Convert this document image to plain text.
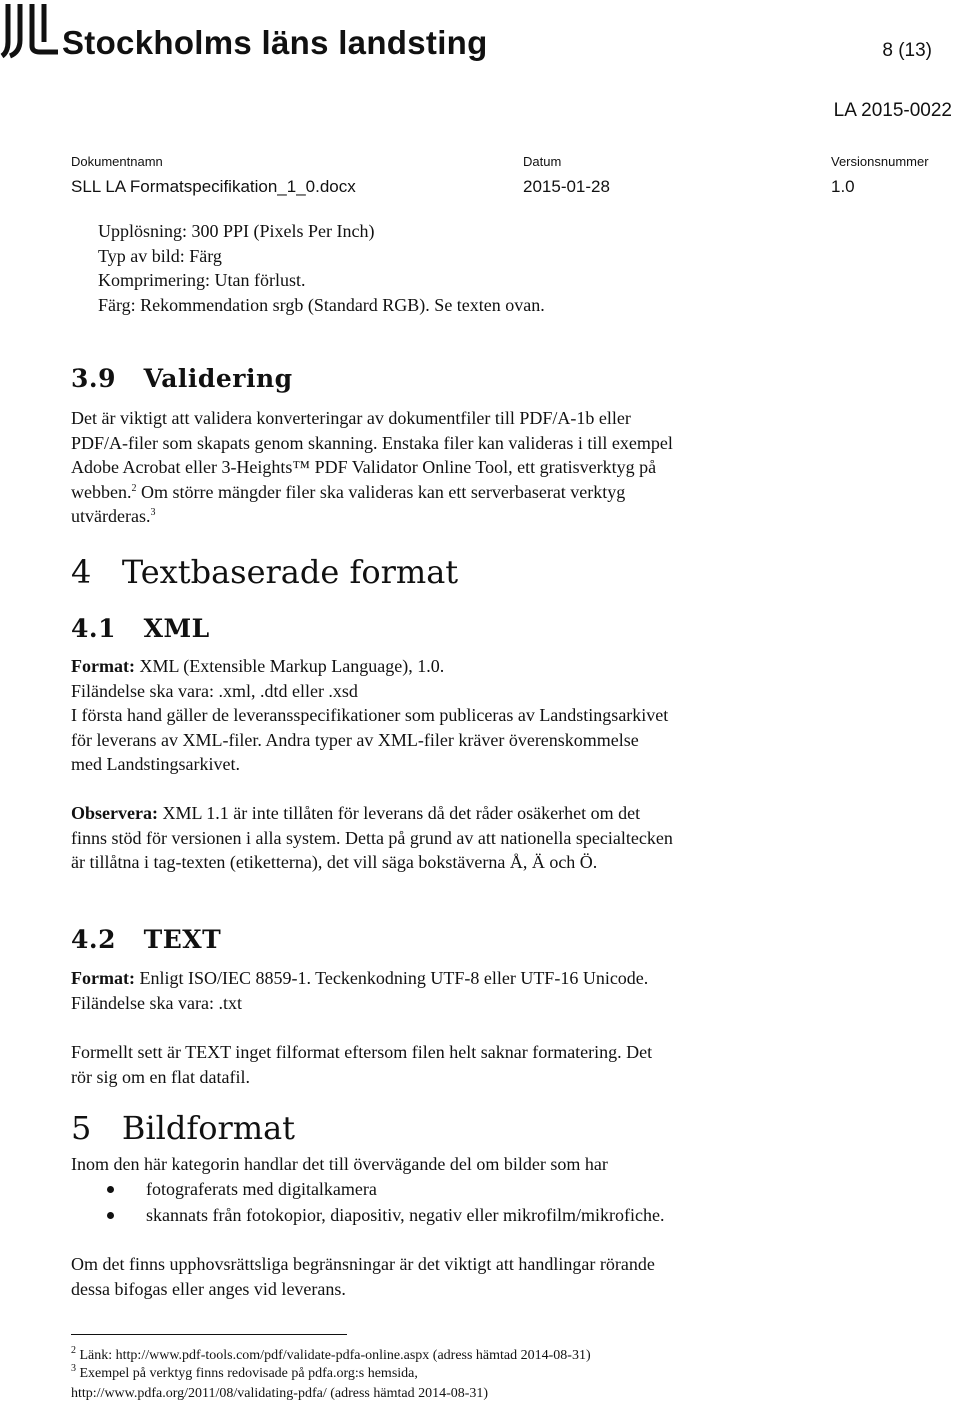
Stockholms läns landsting	8 (13)
LA 2015-0022
Dokumentnamn
SLL LA Formatspecifikation_1_0.docx
Datum
2015-01-28
Versionsnummer
1.0
Upplösning: 300 PPI (Pixels Per Inch)
Typ av bild: Färg
Komprimering: Utan förlust.
Färg: Rekommendation srgb (Standard RGB). Se texten ovan.
3.9   Validering
Det är viktigt att validera konverteringar av dokumentfiler till PDF/A-1b eller
PDF/A-filer som skapats genom skanning. Enstaka filer kan valideras i till exempel
Adobe Acrobat eller 3-Heights™ PDF Validator Online Tool, ett gratisverktyg på
webben.$^2$ Om större mängder filer ska valideras kan ett serverbaserat verktyg
utvärderas.$^3$
4   Textbaserade format
4.1   XML
Format: XML (Extensible Markup Language), 1.0.
Filändelse ska vara: .xml, .dtd eller .xsd
I första hand gäller de leveransspecifikationer som publiceras av Landstingsarkivet
för leverans av XML-filer. Andra typer av XML-filer kräver överenskommelse
med Landstingsarkivet.
Observera: XML 1.1 är inte tillåten för leverans då det råder osäkerhet om det
finns stöd för versionen i alla system. Detta på grund av att nationella specialtecken
är tillåtna i tag-texten (etiketterna), det vill säga bokstäverna Å, Ä och Ö.
4.2   TEXT
Format: Enligt ISO/IEC 8859-1. Teckenkodning UTF-8 eller UTF-16 Unicode.
Filändelse ska vara: .txt
Formellt sett är TEXT inget filformat eftersom filen helt saknar formatering. Det
rör sig om en flat datafil.
5   Bildformat
Inom den här kategorin handlar det till övervägande del om bilder som har
fotograferats med digitalkamera
skannats från fotokopior, diapositiv, negativ eller mikrofilm/mikrofiche.
Om det finns upphovsrättsliga begränsningar är det viktigt att handlingar rörande
dessa bifogas eller anges vid leverans.
$^2$ Länk: http://www.pdf-tools.com/pdf/validate-pdfa-online.aspx (adress hämtad 2014-08-31)
$^3$ Exempel på verktyg finns redovisade på pdfa.org:s hemsida,
http://www.pdfa.org/2011/08/validating-pdfa/ (adress hämtad 2014-08-31)
